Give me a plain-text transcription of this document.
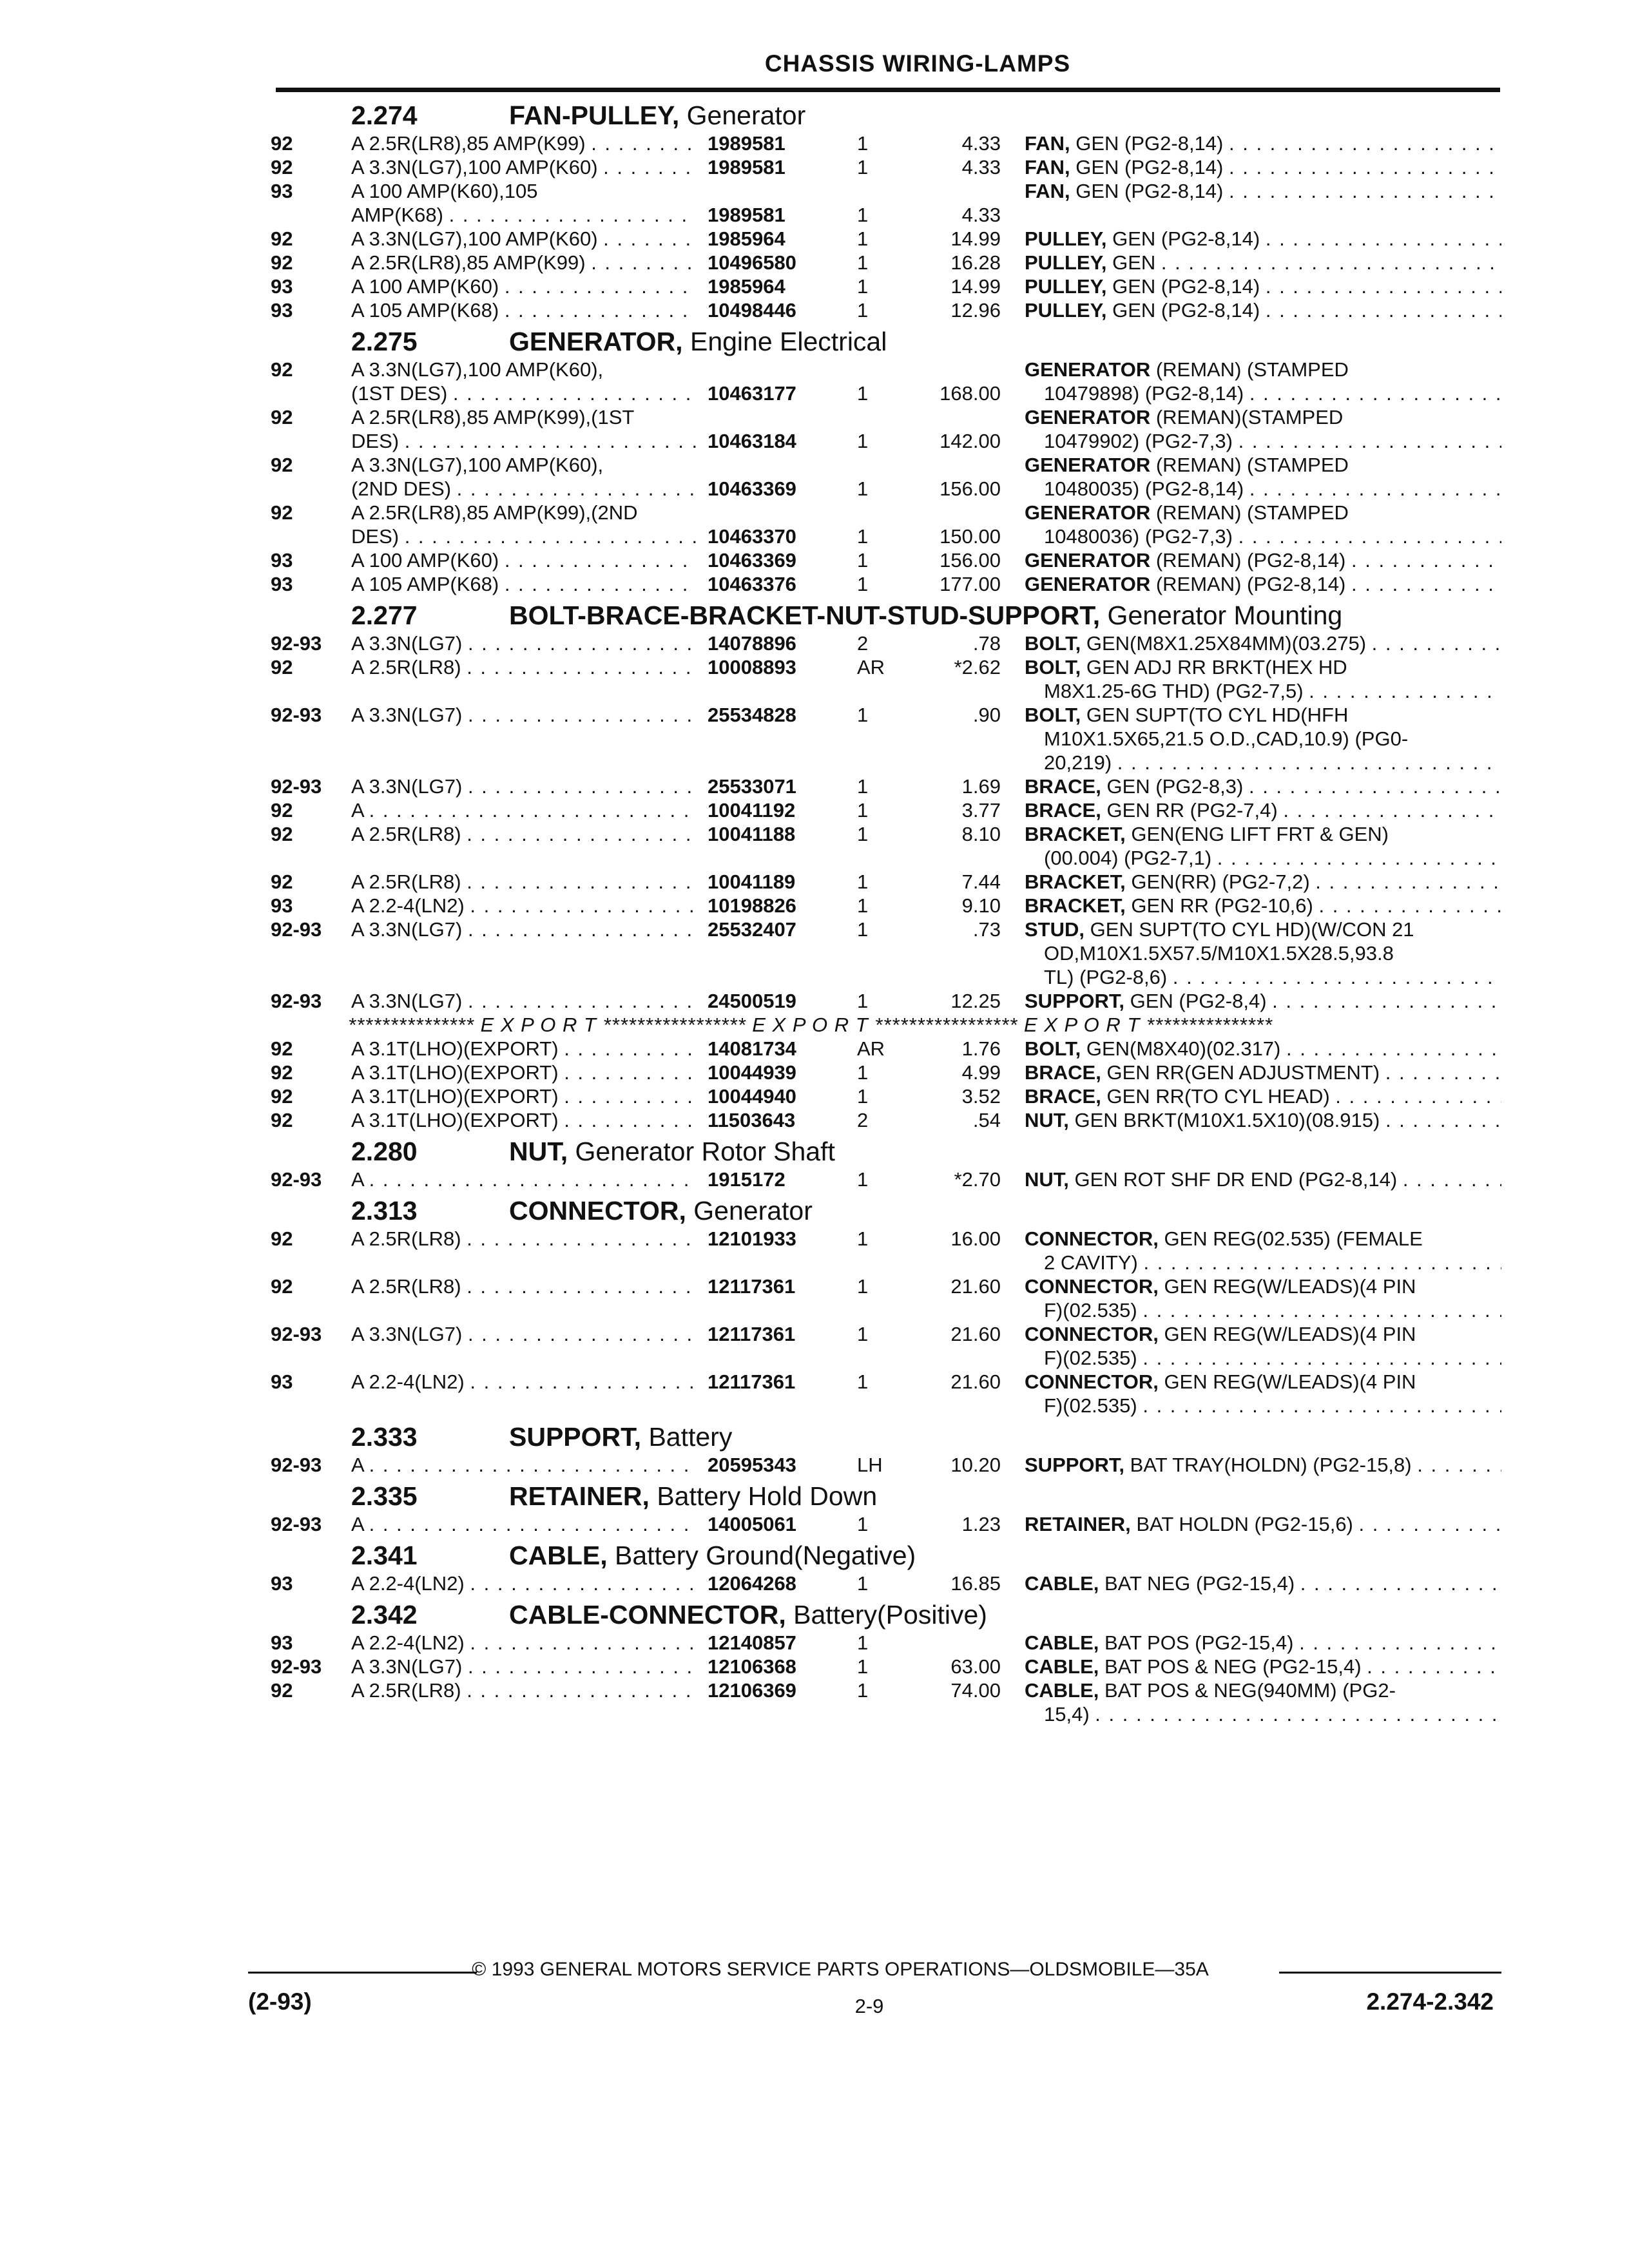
CHASSIS WIRING-LAMPS
2.274	FAN-PULLEY, Generator
92	A 2.5R(LR8),85 AMP(K99) . . .	1989581	1	4.33 FAN, GEN (PG2-8,14) . . .
92	A 3.3N(LG7),100 AMP(K60) . . .	1989581	1	4.33 FAN, GEN (PG2-8,14) . . .
93	A 100 AMP(K60),105	FAN, GEN (PG2-8,14) . . .
AMP(K68) . . .	1989581	1	4.33
92	A 3.3N(LG7),100 AMP(K60) . . .	1985964	1	14.99 PULLEY, GEN (PG2-8,14) . . .
92	A 2.5R(LR8),85 AMP(K99) . . .	10496580	1	16.28 PULLEY, GEN . . .
93	A 100 AMP(K60) . . .	1985964	1	14.99 PULLEY, GEN (PG2-8,14) . . .
93	A 105 AMP(K68) . . .	10498446	1	12.96 PULLEY, GEN (PG2-8,14) . . .
2.275	GENERATOR, Engine Electrical
92	A 3.3N(LG7),100 AMP(K60),	GENERATOR (REMAN) (STAMPED
(1ST DES) . . .	10463177	1	168.00 10479898) (PG2-8,14) . . .
92	A 2.5R(LR8),85 AMP(K99),(1ST	GENERATOR (REMAN)(STAMPED
DES) . . .	10463184	1	142.00 10479902) (PG2-7,3) . . .
92	A 3.3N(LG7),100 AMP(K60),	GENERATOR (REMAN) (STAMPED
(2ND DES) . . .	10463369	1	156.00 10480035) (PG2-8,14) . . .
92	A 2.5R(LR8),85 AMP(K99),(2ND	GENERATOR (REMAN) (STAMPED
DES) . . .	10463370	1	150.00 10480036) (PG2-7,3) . . .
93	A 100 AMP(K60) . . .	10463369	1	156.00 GENERATOR (REMAN) (PG2-8,14) . . .
93	A 105 AMP(K68) . . .	10463376	1	177.00 GENERATOR (REMAN) (PG2-8,14) . . .
2.277	BOLT-BRACE-BRACKET-NUT-STUD-SUPPORT, Generator Mounting
92-93 A 3.3N(LG7) . . .	14078896	2	.78 BOLT, GEN(M8X1.25X84MM)(03.275) . . .
92	A 2.5R(LR8) . . .	10008893	AR	*2.62 BOLT, GEN ADJ RR BRKT(HEX HD
M8X1.25-6G THD) (PG2-7,5) . . .
92-93 A 3.3N(LG7) . . .	25534828	1	.90 BOLT, GEN SUPT(TO CYL HD(HFH
M10X1.5X65,21.5 O.D.,CAD,10.9) (PG0-
20,219) . . .
92-93 A 3.3N(LG7) . . .	25533071	1	1.69 BRACE, GEN (PG2-8,3) . . .
92	A . . .	10041192	1	3.77 BRACE, GEN RR (PG2-7,4) . . .
92	A 2.5R(LR8) . . .	10041188	1	8.10 BRACKET, GEN(ENG LIFT FRT & GEN)
(00.004) (PG2-7,1) . . .
92	A 2.5R(LR8) . . .	10041189	1	7.44 BRACKET, GEN(RR) (PG2-7,2) . . .
93	A 2.2-4(LN2) . . .	10198826	1	9.10 BRACKET, GEN RR (PG2-10,6) . . .
92-93 A 3.3N(LG7) . . .	25532407	1	.73 STUD, GEN SUPT(TO CYL HD)(W/CON 21
OD,M10X1.5X57.5/M10X1.5X28.5,93.8
TL) (PG2-8,6) . . .
92-93 A 3.3N(LG7) . . .	24500519	1	12.25 SUPPORT, GEN (PG2-8,4) . . .
*************** E X P O R T ***************** E X P O R T ***************** E X P O R T ***************
92	A 3.1T(LHO)(EXPORT) . . .	14081734	AR	1.76 BOLT, GEN(M8X40)(02.317) . . .
92	A 3.1T(LHO)(EXPORT) . . .	10044939	1	4.99 BRACE, GEN RR(GEN ADJUSTMENT) . . .
92	A 3.1T(LHO)(EXPORT) . . .	10044940	1	3.52 BRACE, GEN RR(TO CYL HEAD) . . .
92	A 3.1T(LHO)(EXPORT) . . .	11503643	2	.54 NUT, GEN BRKT(M10X1.5X10)(08.915) . . .
2.280	NUT, Generator Rotor Shaft
92-93 A . . .	1915172	1	*2.70 NUT, GEN ROT SHF DR END (PG2-8,14) . . .
2.313	CONNECTOR, Generator
92	A 2.5R(LR8) . . .	12101933	1	16.00 CONNECTOR, GEN REG(02.535) (FEMALE
2 CAVITY) . . .
92	A 2.5R(LR8) . . .	12117361	1	21.60 CONNECTOR, GEN REG(W/LEADS)(4 PIN
F)(02.535) . . .
92-93 A 3.3N(LG7) . . .	12117361	1	21.60 CONNECTOR, GEN REG(W/LEADS)(4 PIN
F)(02.535) . . .
93	A 2.2-4(LN2) . . .	12117361	1	21.60 CONNECTOR, GEN REG(W/LEADS)(4 PIN
F)(02.535) . . .
2.333	SUPPORT, Battery
92-93 A . . .	20595343	LH	10.20 SUPPORT, BAT TRAY(HOLDN) (PG2-15,8) . . .
2.335	RETAINER, Battery Hold Down
92-93 A . . .	14005061	1	1.23 RETAINER, BAT HOLDN (PG2-15,6) . . .
2.341	CABLE, Battery Ground(Negative)
93	A 2.2-4(LN2) . . .	12064268	1	16.85 CABLE, BAT NEG (PG2-15,4) . . .
2.342	CABLE-CONNECTOR, Battery(Positive)
93	A 2.2-4(LN2) . . .	12140857	1	CABLE, BAT POS (PG2-15,4) . . .
92-93 A 3.3N(LG7) . . .	12106368	1	63.00 CABLE, BAT POS & NEG (PG2-15,4) . . .
92	A 2.5R(LR8) . . .	12106369	1	74.00 CABLE, BAT POS & NEG(940MM) (PG2-
15,4) . . .
© 1993 GENERAL MOTORS SERVICE PARTS OPERATIONS—OLDSMOBILE—35A
(2-93)	2-9	2.274-2.342
